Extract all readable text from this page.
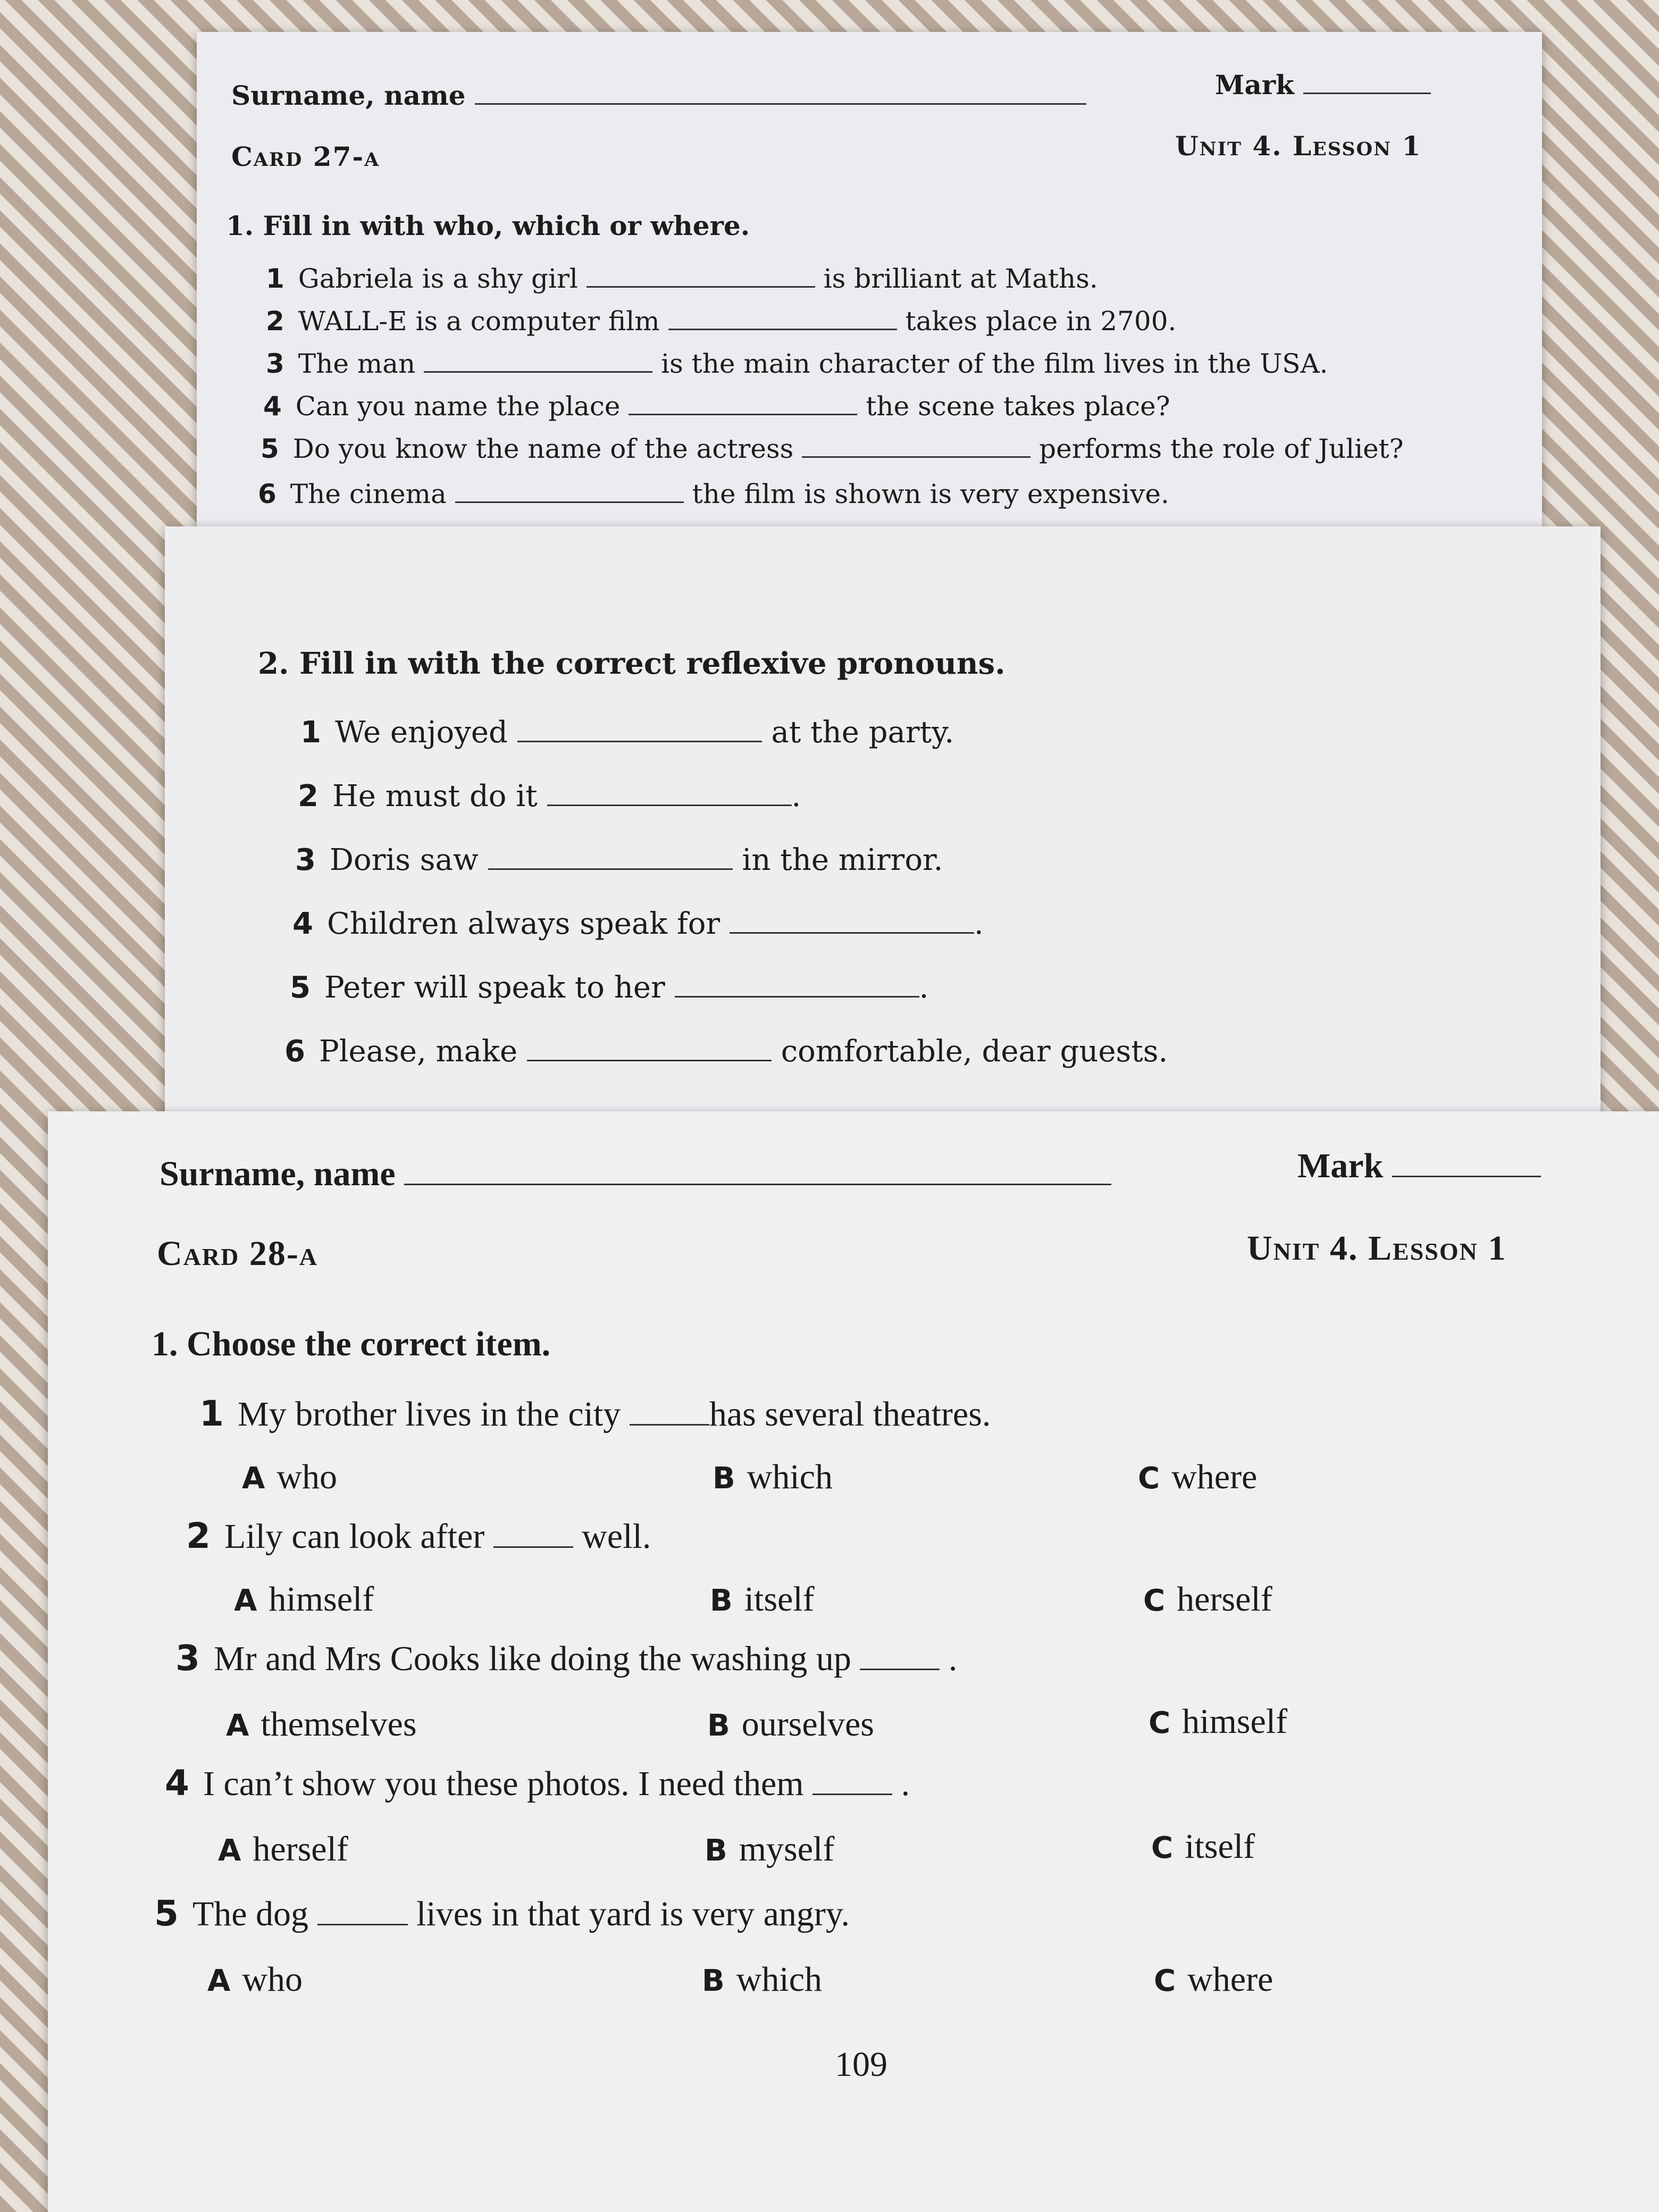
Surname, name	Mark
Card 27-a	Unit 4. Lesson 1
1. Fill in with who, which or where.
1 Gabriela is a shy girl	is brilliant at Maths.
2 WALL-E is a computer film	takes place in 2700.
3 The man	is the main character of the film lives in the USA.
4 Can you name the place	the scene takes place?
5 Do you know the name of the actress	performs the role of Juliet?
6 The cinema	the film is shown is very expensive.
2. Fill in with the correct reflexive pronouns.
1 We enjoyed	at the party.
2 He must do it	.
3 Doris saw	in the mirror.
4 Children always speak for	.
5 Peter will speak to her	.
6 Please, make	comfortable, dear guests.
Surname, name	Mark
Card 28-a	Unit 4. Lesson 1
1. Choose the correct item.
1 My brother lives in the city	has several theatres.
A who	B which	C where
2 Lily can look after	well.
A himself	B itself	C herself
3 Mr and Mrs Cooks like doing the washing up	.
A themselves	B ourselves	C himself
4 I can’t show you these photos. I need them	.
A herself	B myself	C itself
5 The dog	lives in that yard is very angry.
A who	B which	C where
109
